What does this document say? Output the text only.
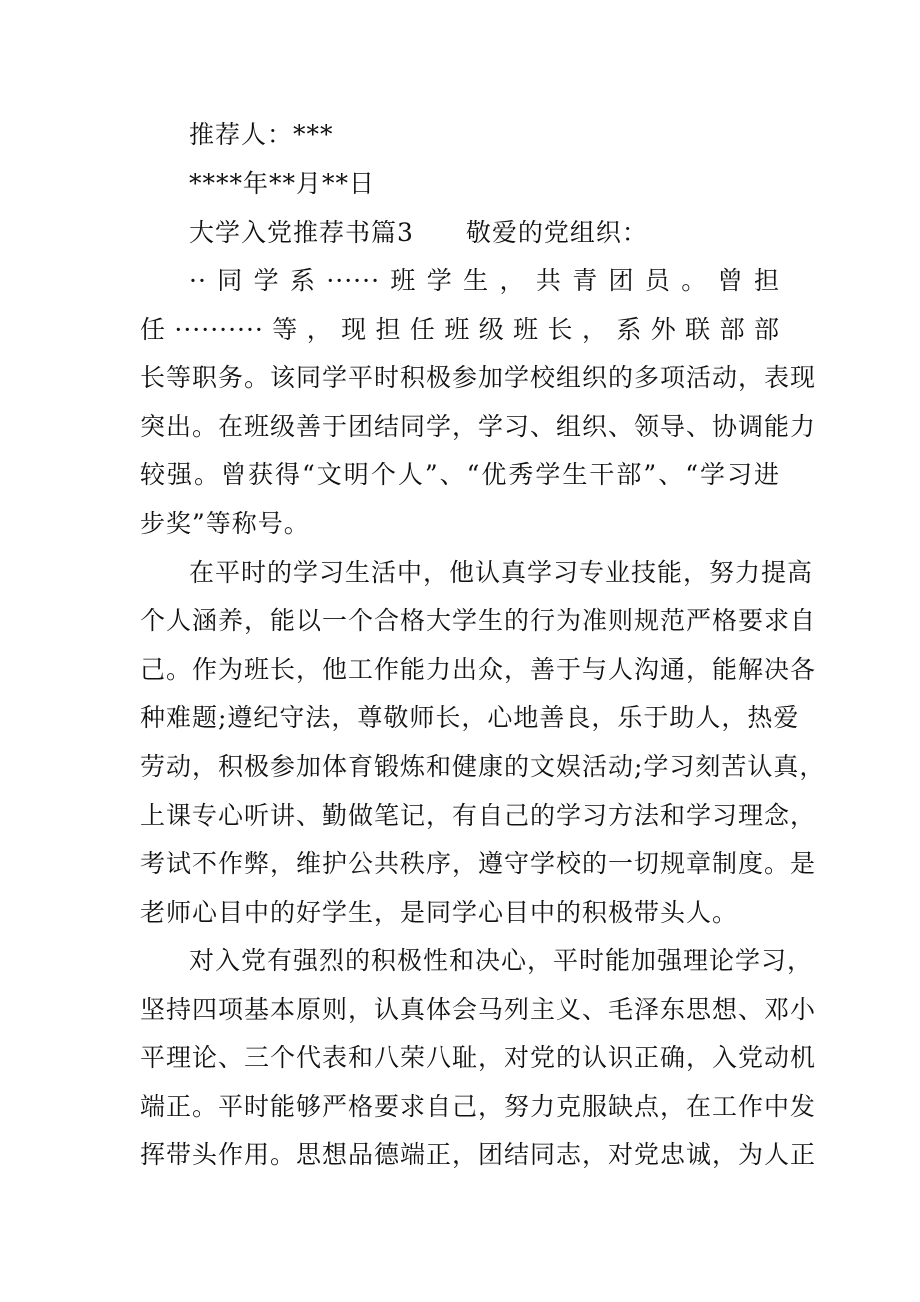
推荐人：***
****年**月**日
大学入党推荐书篇3　　敬爱的党组织：
··同学系······班学生，共青团员。曾担
任··········等，现担任班级班长，系外联部部
长等职务。该同学平时积极参加学校组织的多项活动，表现
突出。在班级善于团结同学，学习、组织、领导、协调能力
较强。曾获得“文明个人”、“优秀学生干部”、“学习进
步奖”等称号。
在平时的学习生活中，他认真学习专业技能，努力提高
个人涵养，能以一个合格大学生的行为准则规范严格要求自
己。作为班长，他工作能力出众，善于与人沟通，能解决各
种难题;遵纪守法，尊敬师长，心地善良，乐于助人，热爱
劳动，积极参加体育锻炼和健康的文娱活动;学习刻苦认真，
上课专心听讲、勤做笔记，有自己的学习方法和学习理念，
考试不作弊，维护公共秩序，遵守学校的一切规章制度。是
老师心目中的好学生，是同学心目中的积极带头人。
对入党有强烈的积极性和决心，平时能加强理论学习，
坚持四项基本原则，认真体会马列主义、毛泽东思想、邓小
平理论、三个代表和八荣八耻，对党的认识正确，入党动机
端正。平时能够严格要求自己，努力克服缺点，在工作中发
挥带头作用。思想品德端正，团结同志，对党忠诚，为人正
